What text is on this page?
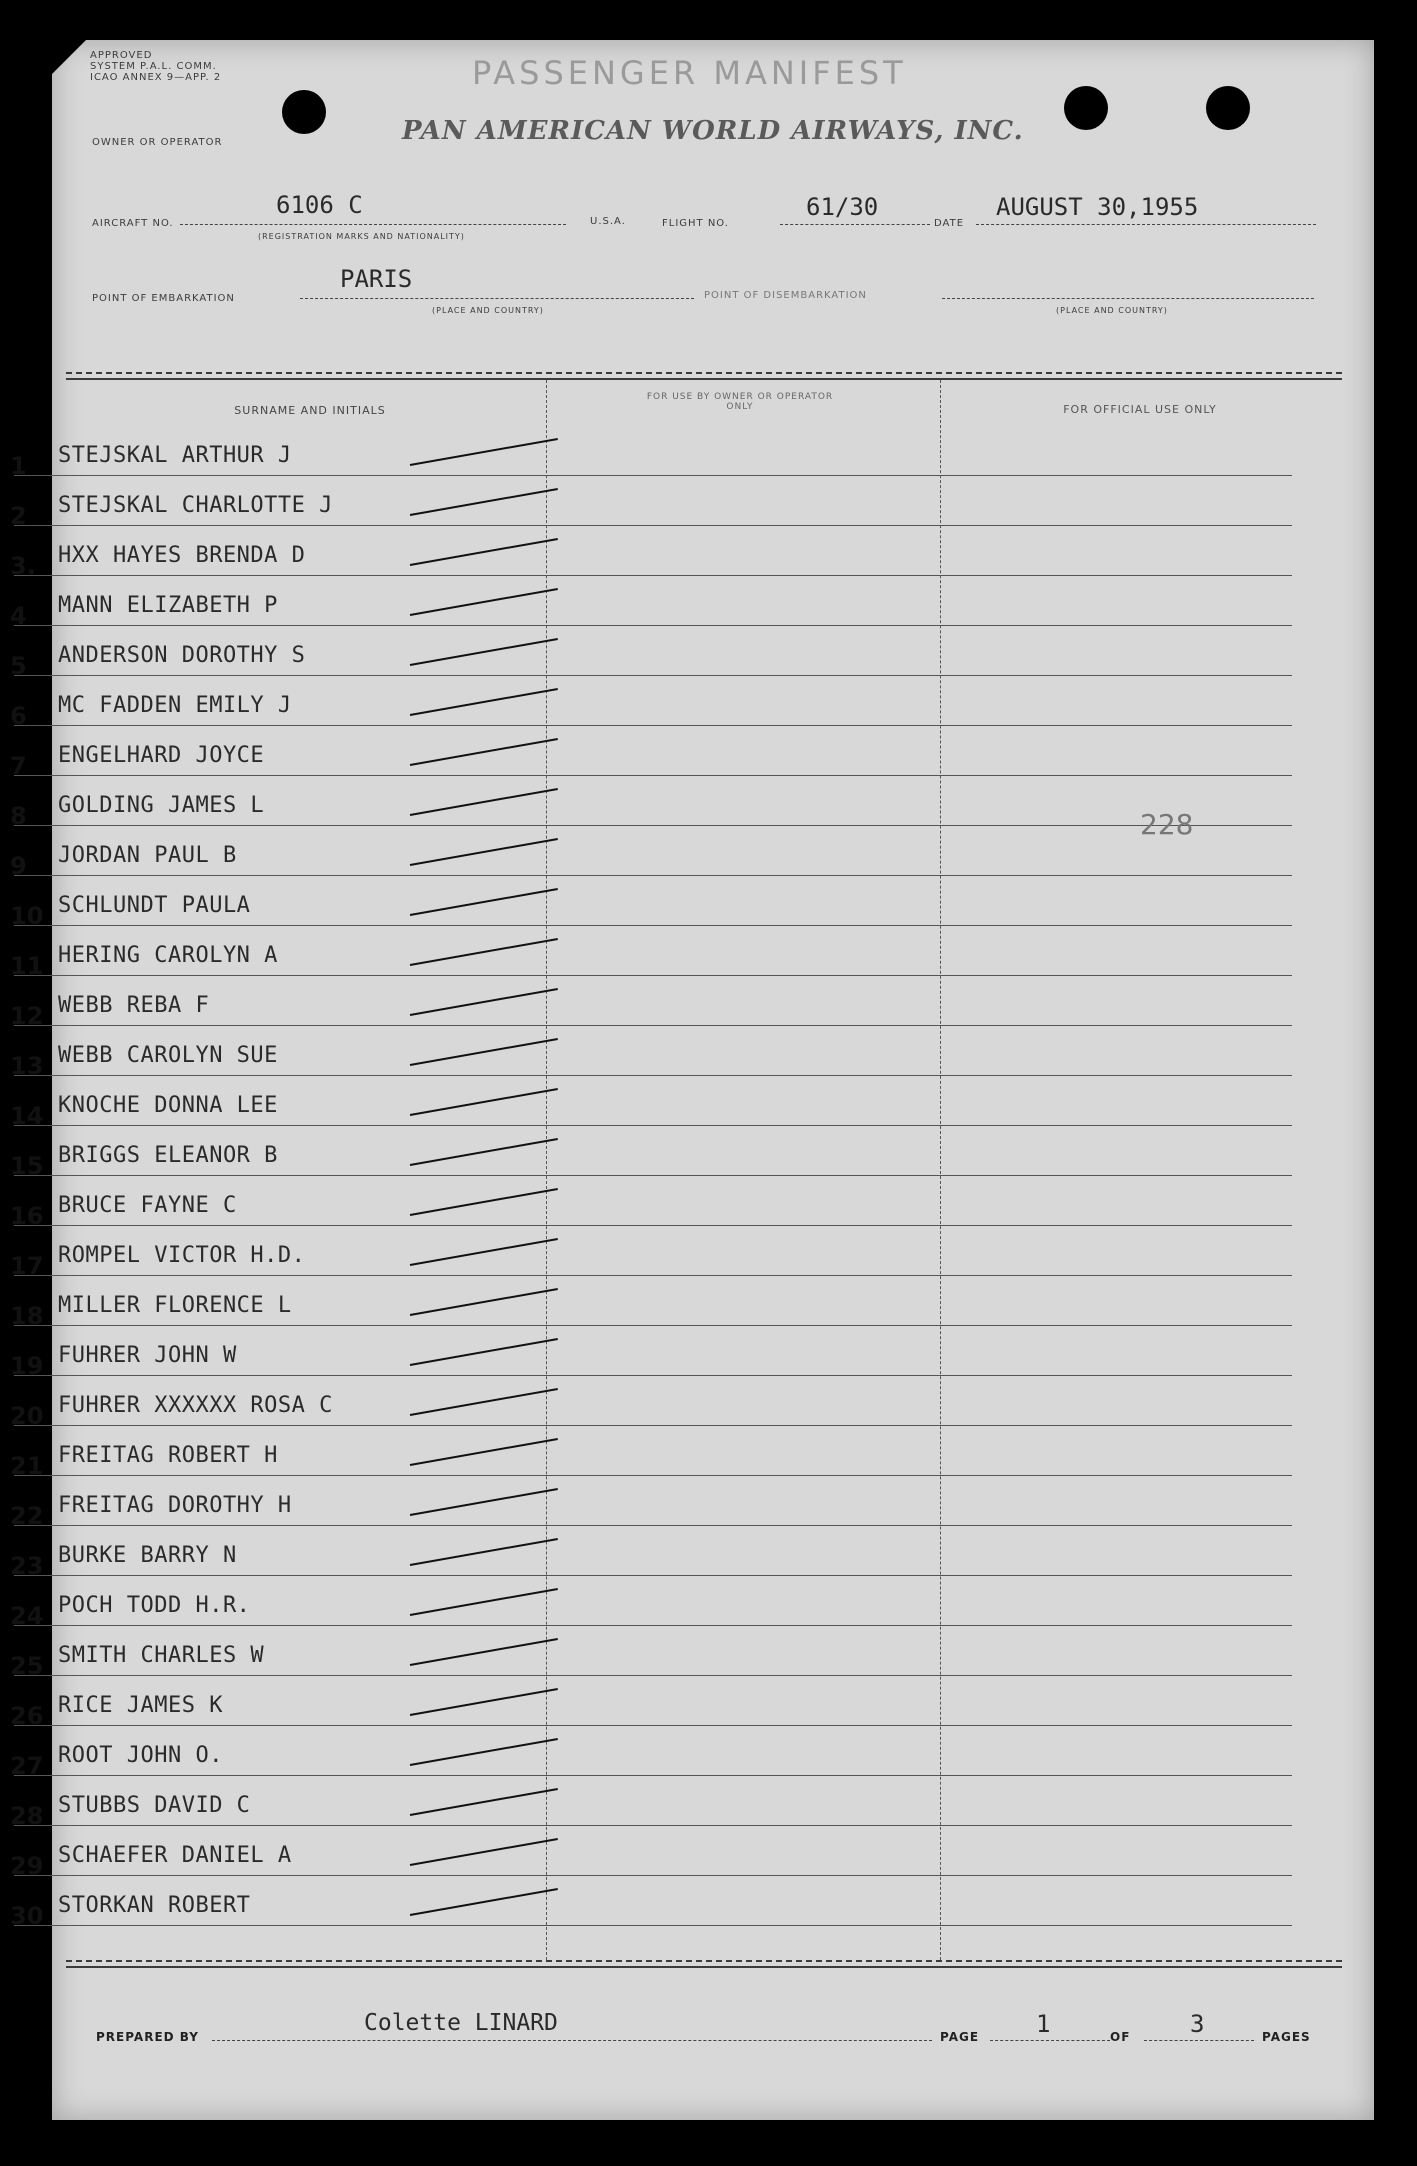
APPROVED
SYSTEM P.A.L. COMM.
ICAO ANNEX 9—APP. 2	PASSENGER MANIFEST
OWNER OR OPERATOR	PAN AMERICAN WORLD AIRWAYS, INC.
AIRCRAFT NO.
6106 C
(REGISTRATION MARKS AND NATIONALITY)
U.S.A.	FLIGHT NO.
61/30
DATE
AUGUST 30,1955
POINT OF EMBARKATION
PARIS
(PLACE AND COUNTRY)
POINT OF DISEMBARKATION
(PLACE AND COUNTRY)
SURNAME AND INITIALS
FOR USE BY OWNER OR OPERATOR ONLY	FOR OFFICIAL USE ONLY
1 STEJSKAL ARTHUR J
2 STEJSKAL CHARLOTTE J
3. HXX HAYES BRENDA D
4 MANN ELIZABETH P
5 ANDERSON DOROTHY S
6 MC FADDEN EMILY J
7 ENGELHARD JOYCE
8 GOLDING JAMES L
9 JORDAN PAUL B
10 SCHLUNDT PAULA
11 HERING CAROLYN A
12 WEBB REBA F
13 WEBB CAROLYN SUE
14 KNOCHE DONNA LEE
15 BRIGGS ELEANOR B
16 BRUCE FAYNE C
17 ROMPEL VICTOR H.D.
18 MILLER FLORENCE L
19 FUHRER JOHN W
20 FUHRER XXXXXX ROSA C
21 FREITAG ROBERT H
22 FREITAG DOROTHY H
23 BURKE BARRY N
24 POCH TODD H.R.
25 SMITH CHARLES W
26 RICE JAMES K
27 ROOT JOHN O.
28 STUBBS DAVID C
29 SCHAEFER DANIEL A
30 STORKAN ROBERT
228
PREPARED BY
Colette LINARD
PAGE 1	OF 3	PAGES
